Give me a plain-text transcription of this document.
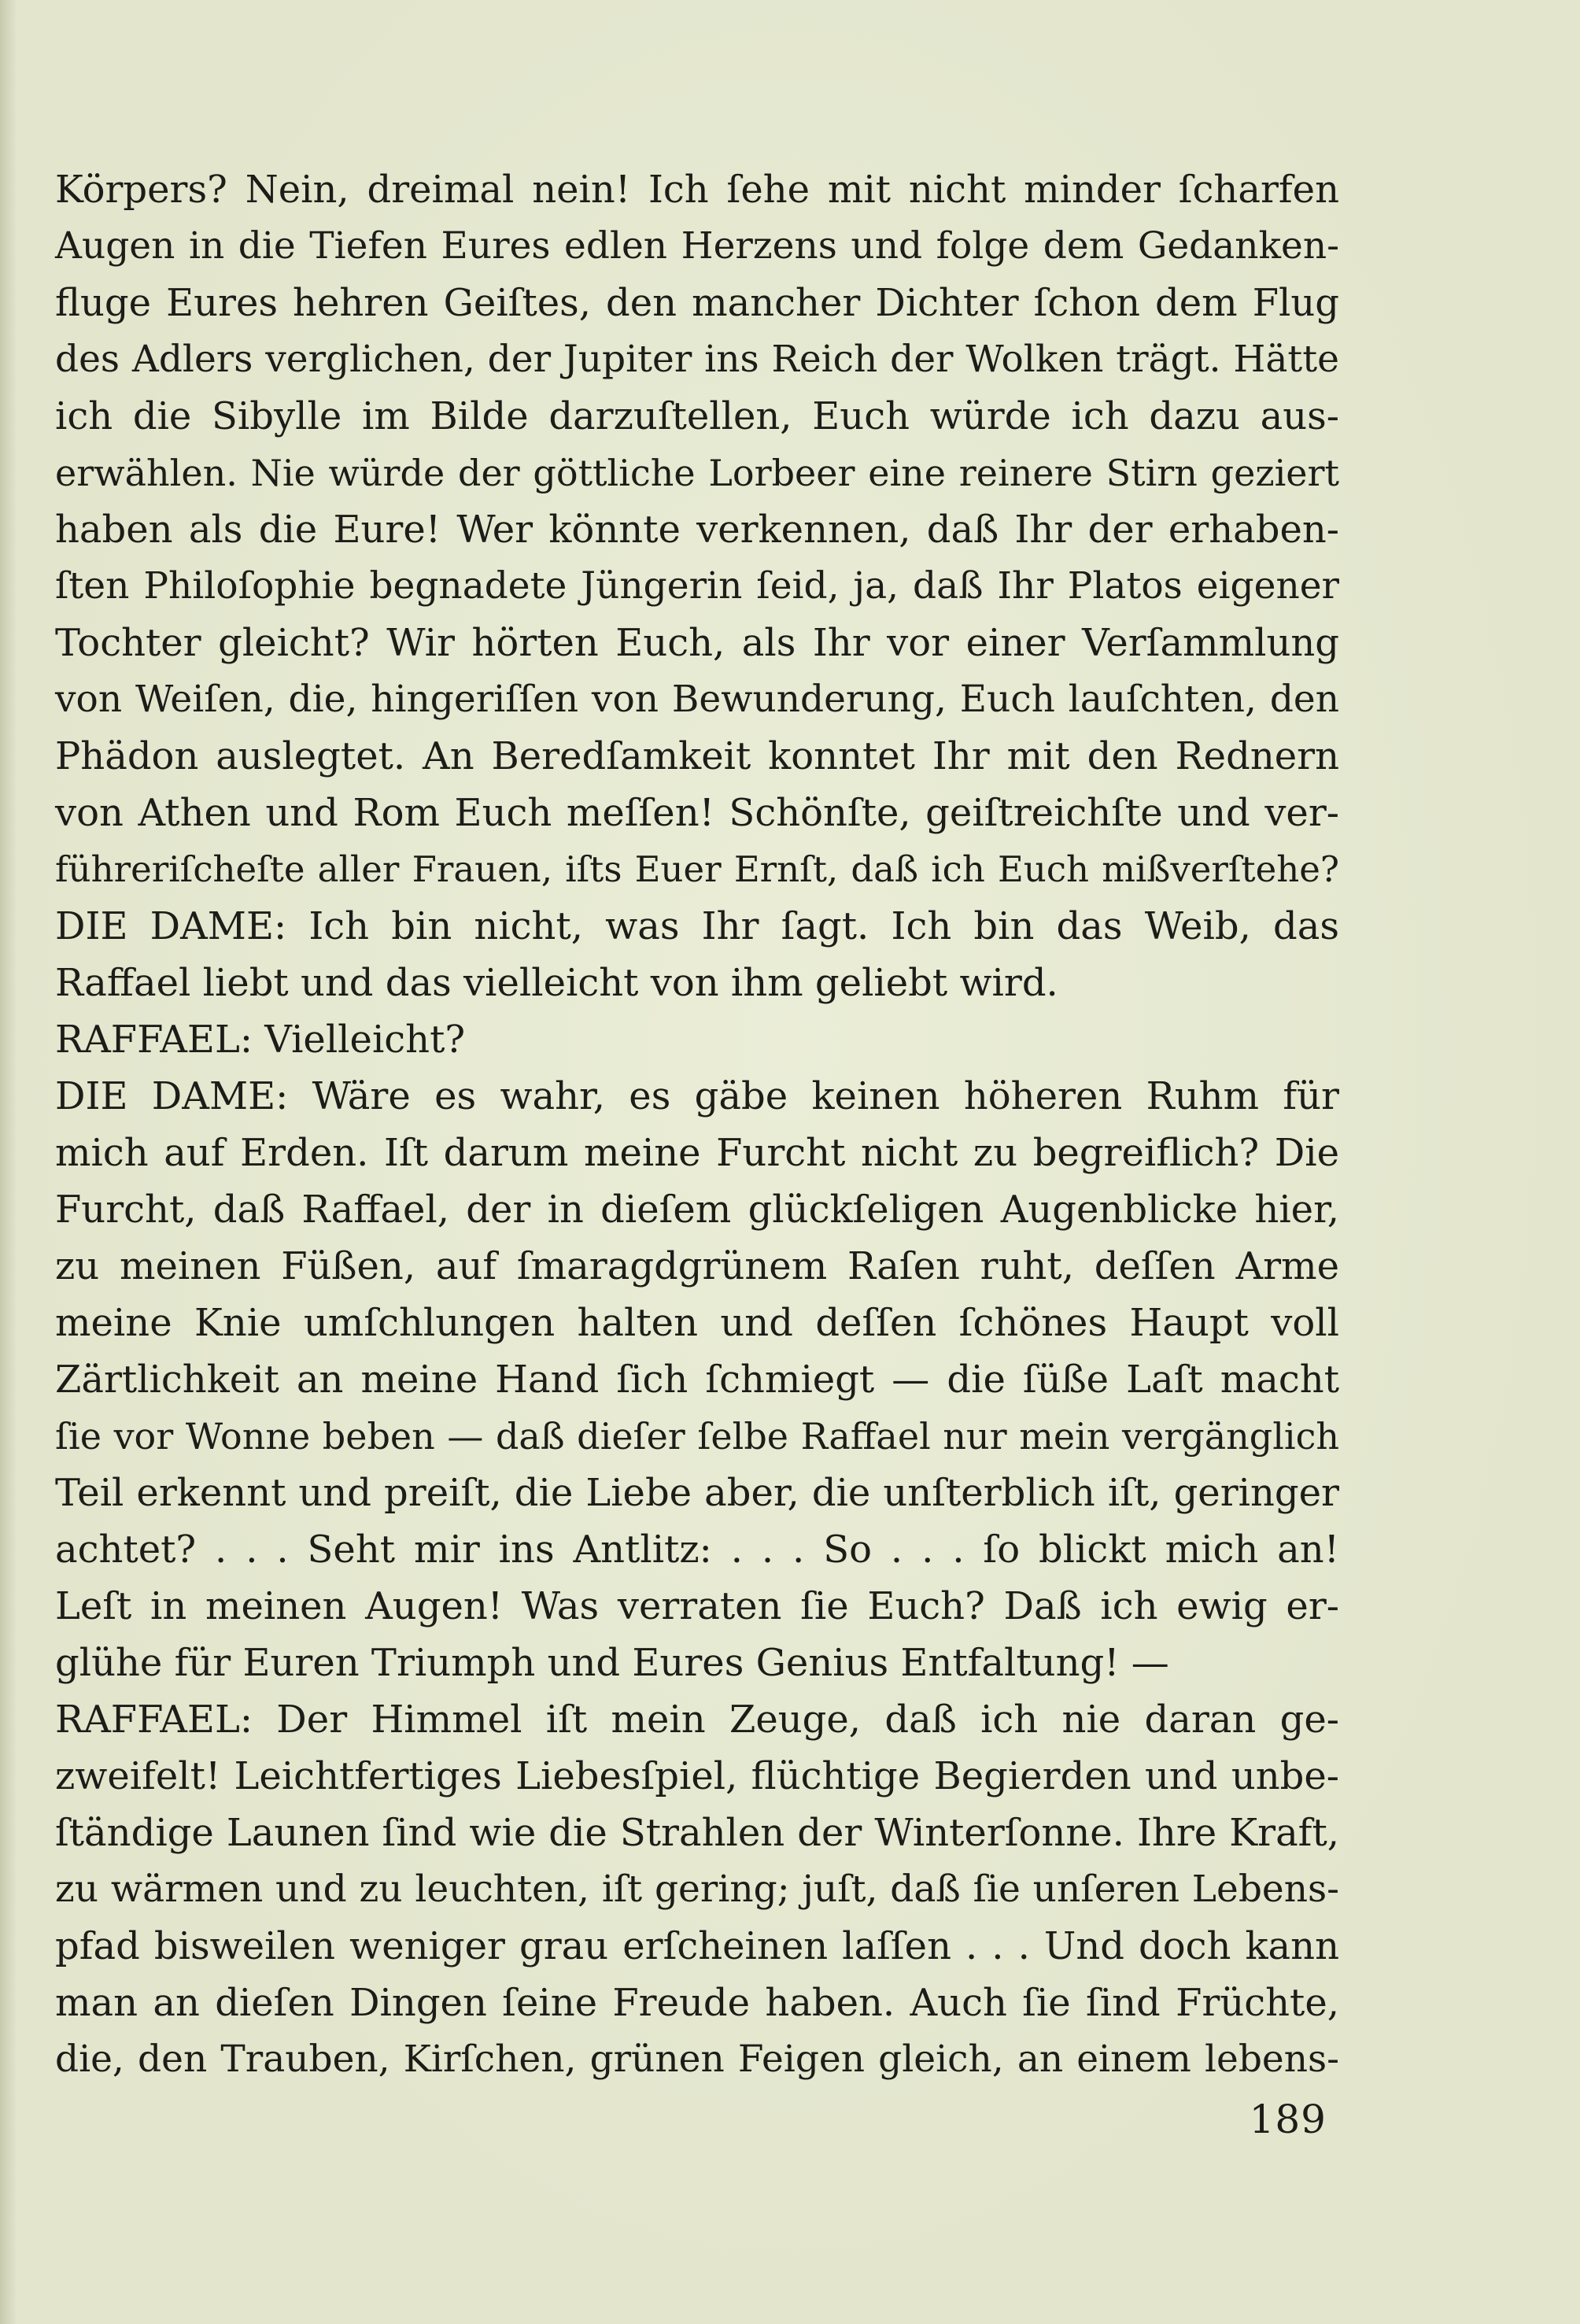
Körpers? Nein, dreimal nein! Ich ſehe mit nicht minder ſcharfen
Augen in die Tiefen Eures edlen Herzens und folge dem Gedanken-
fluge Eures hehren Geiſtes, den mancher Dichter ſchon dem Flug
des Adlers verglichen, der Jupiter ins Reich der Wolken trägt. Hätte
ich die Sibylle im Bilde darzuſtellen, Euch würde ich dazu aus-
erwählen. Nie würde der göttliche Lorbeer eine reinere Stirn geziert
haben als die Eure! Wer könnte verkennen, daß Ihr der erhaben-
ſten Philoſophie begnadete Jüngerin ſeid, ja, daß Ihr Platos eigener
Tochter gleicht? Wir hörten Euch, als Ihr vor einer Verſammlung
von Weiſen, die, hingeriſſen von Bewunderung, Euch lauſchten, den
Phädon auslegtet. An Beredſamkeit konntet Ihr mit den Rednern
von Athen und Rom Euch meſſen! Schönſte, geiſtreichſte und ver-
führeriſcheſte aller Frauen, iſts Euer Ernſt, daß ich Euch mißverſtehe?
DIE DAME: Ich bin nicht, was Ihr ſagt. Ich bin das Weib, das
Raffael liebt und das vielleicht von ihm geliebt wird.
RAFFAEL: Vielleicht?
DIE DAME: Wäre es wahr, es gäbe keinen höheren Ruhm für
mich auf Erden. Iſt darum meine Furcht nicht zu begreiflich? Die
Furcht, daß Raffael, der in dieſem glückſeligen Augenblicke hier,
zu meinen Füßen, auf ſmaragdgrünem Raſen ruht, deſſen Arme
meine Knie umſchlungen halten und deſſen ſchönes Haupt voll
Zärtlichkeit an meine Hand ſich ſchmiegt — die ſüße Laſt macht
ſie vor Wonne beben — daß dieſer ſelbe Raffael nur mein vergänglich
Teil erkennt und preiſt, die Liebe aber, die unſterblich iſt, geringer
achtet? . . . Seht mir ins Antlitz: . . . So . . . ſo blickt mich an!
Leſt in meinen Augen! Was verraten ſie Euch? Daß ich ewig er-
glühe für Euren Triumph und Eures Genius Entfaltung! —
RAFFAEL: Der Himmel iſt mein Zeuge, daß ich nie daran ge-
zweifelt! Leichtfertiges Liebesſpiel, flüchtige Begierden und unbe-
ſtändige Launen ſind wie die Strahlen der Winterſonne. Ihre Kraft,
zu wärmen und zu leuchten, iſt gering; juſt, daß ſie unſeren Lebens-
pfad bisweilen weniger grau erſcheinen laſſen . . . Und doch kann
man an dieſen Dingen ſeine Freude haben. Auch ſie ſind Früchte,
die, den Trauben, Kirſchen, grünen Feigen gleich, an einem lebens-
189
